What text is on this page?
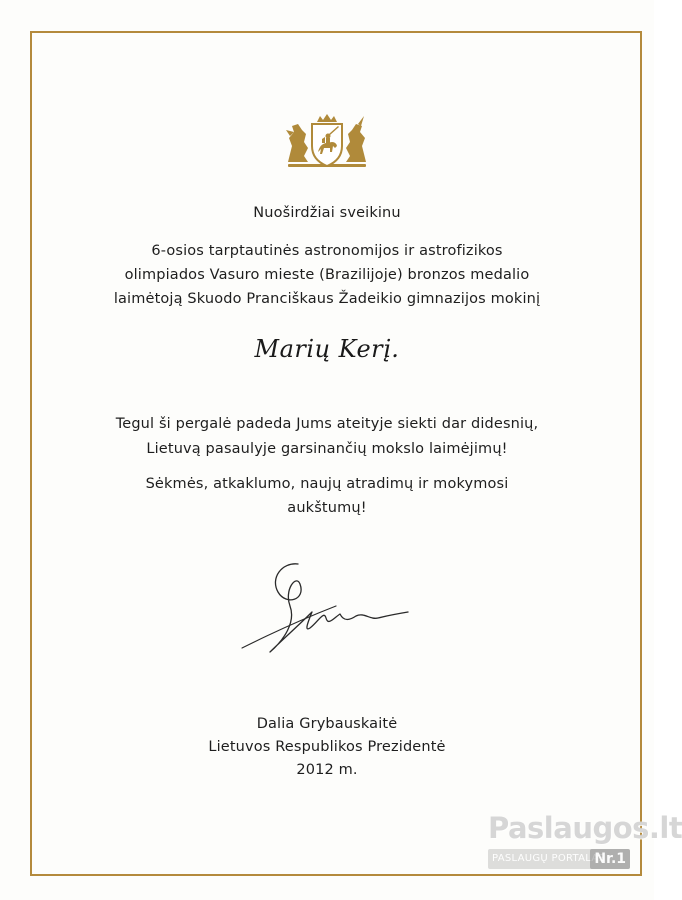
Nuoširdžiai sveikinu
6-osios tarptautinės astronomijos ir astrofizikos
olimpiados Vasuro mieste (Brazilijoje) bronzos medalio
laimėtoją Skuodo Pranciškaus Žadeikio gimnazijos mokinį
Marių Kerį.
Tegul ši pergalė padeda Jums ateityje siekti dar didesnių,
Lietuvą pasaulyje garsinančių mokslo laimėjimų!
Sėkmės, atkaklumo, naujų atradimų ir mokymosi
aukštumų!
Dalia Grybauskaitė
Lietuvos Respublikos Prezidentė
2012 m.
Paslaugos.lt
PASLAUGŲ PORTALAS
Nr.1
